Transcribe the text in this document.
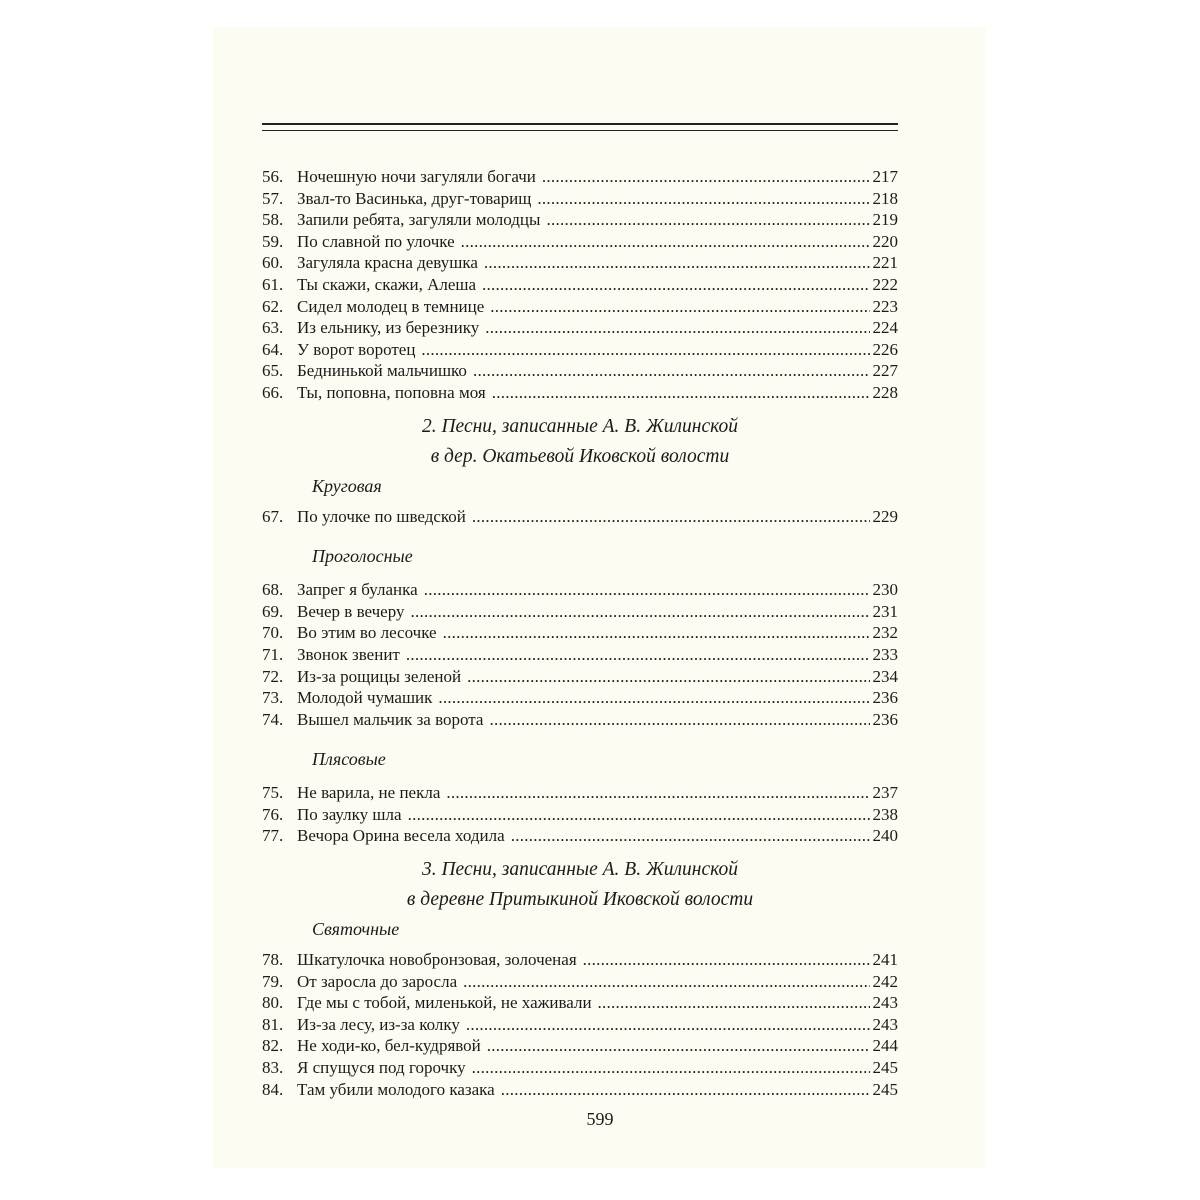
56. Ночешную ночи загуляли богачи . . .	217
57. Звал-то Васинька, друг-товарищ . . .	218
58. Запили ребята, загуляли молодцы . . .	219
59. По славной по улочке . . .	220
60. Загуляла красна девушка . . .	221
61. Ты скажи, скажи, Алеша . . .	222
62. Сидел молодец в темнице . . .	223
63. Из ельнику, из березнику . . .	224
64. У ворот воротец . . .	226
65. Беднинькой мальчишко . . .	227
66. Ты, поповна, поповна моя . . .	228
2. Песни, записанные А. В. Жилинской
в дер. Окатьевой Иковской волости
Круговая
67. По улочке по шведской . . .	229
Проголосные
68. Запрег я буланка . . .	230
69. Вечер в вечеру . . .	231
70. Во этим во лесочке . . .	232
71. Звонок звенит . . .	233
72. Из-за рощицы зеленой . . .	234
73. Молодой чумашик . . .	236
74. Вышел мальчик за ворота . . .	236
Плясовые
75. Не варила, не пекла . . .	237
76. По заулку шла . . .	238
77. Вечора Орина весела ходила . . .	240
3. Песни, записанные А. В. Жилинской
в деревне Притыкиной Иковской волости
Святочные
78. Шкатулочка новобронзовая, золоченая . . .	241
79. От заросла до заросла . . .	242
80. Где мы с тобой, миленькой, не хаживали . . .	243
81. Из-за лесу, из-за колку . . .	243
82. Не ходи-ко, бел-кудрявой . . .	244
83. Я спущуся под горочку . . .	245
84. Там убили молодого казака . . .	245
599
